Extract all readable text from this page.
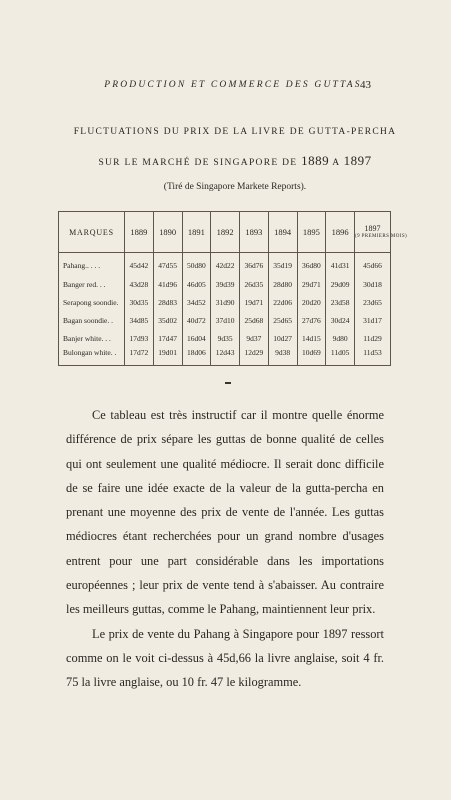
PRODUCTION ET COMMERCE DES GUTTAS
43
FLUCTUATIONS DU PRIX DE LA LIVRE DE GUTTA-PERCHA
SUR LE MARCHÉ DE SINGAPORE DE 1889 A 1897
(Tiré de Singapore Markete Reports).
MARQUES	1889	1890	1891	1892	1893	1894	1895	1896	1897
(9 PREMIERS MOIS)

Pahang.. . . .	45d42	47d55	50d80	42d22	36d76	35d19	36d80	41d31	45d66
Banger red. . .	43d28	41d96	46d05	39d39	26d35	28d80	29d71	29d09	30d18
Serapong soondie.	30d35	28d83	34d52	31d90	19d71	22d06	20d20	23d58	23d65
Bagan soondie. .	34d85	35d02	40d72	37d10	25d68	25d65	27d76	30d24	31d17
Banjer white. . .	17d93	17d47	16d04	9d35	9d37	10d27	14d15	9d80	11d29
Bulongan white. .	17d72	19d01	18d06	12d43	12d29	9d38	10d69	11d05	11d53

Ce tableau est très instructif car il montre quelle énorme différence de prix sépare les guttas de bonne qualité de celles qui ont seulement une qualité médiocre. Il serait donc difficile de se faire une idée exacte de la valeur de la gutta-percha en prenant une moyenne des prix de vente de l'année. Les guttas médiocres étant recherchées pour un grand nombre d'usages entrent pour une part considérable dans les importations européennes ; leur prix de vente tend à s'abaisser. Au contraire les meilleurs guttas, comme le Pahang, maintiennent leur prix.

Le prix de vente du Pahang à Singapore pour 1897 ressort comme on le voit ci-dessus à 45d,66 la livre anglaise, soit 4 fr. 75 la livre anglaise, ou 10 fr. 47 le kilogramme.
